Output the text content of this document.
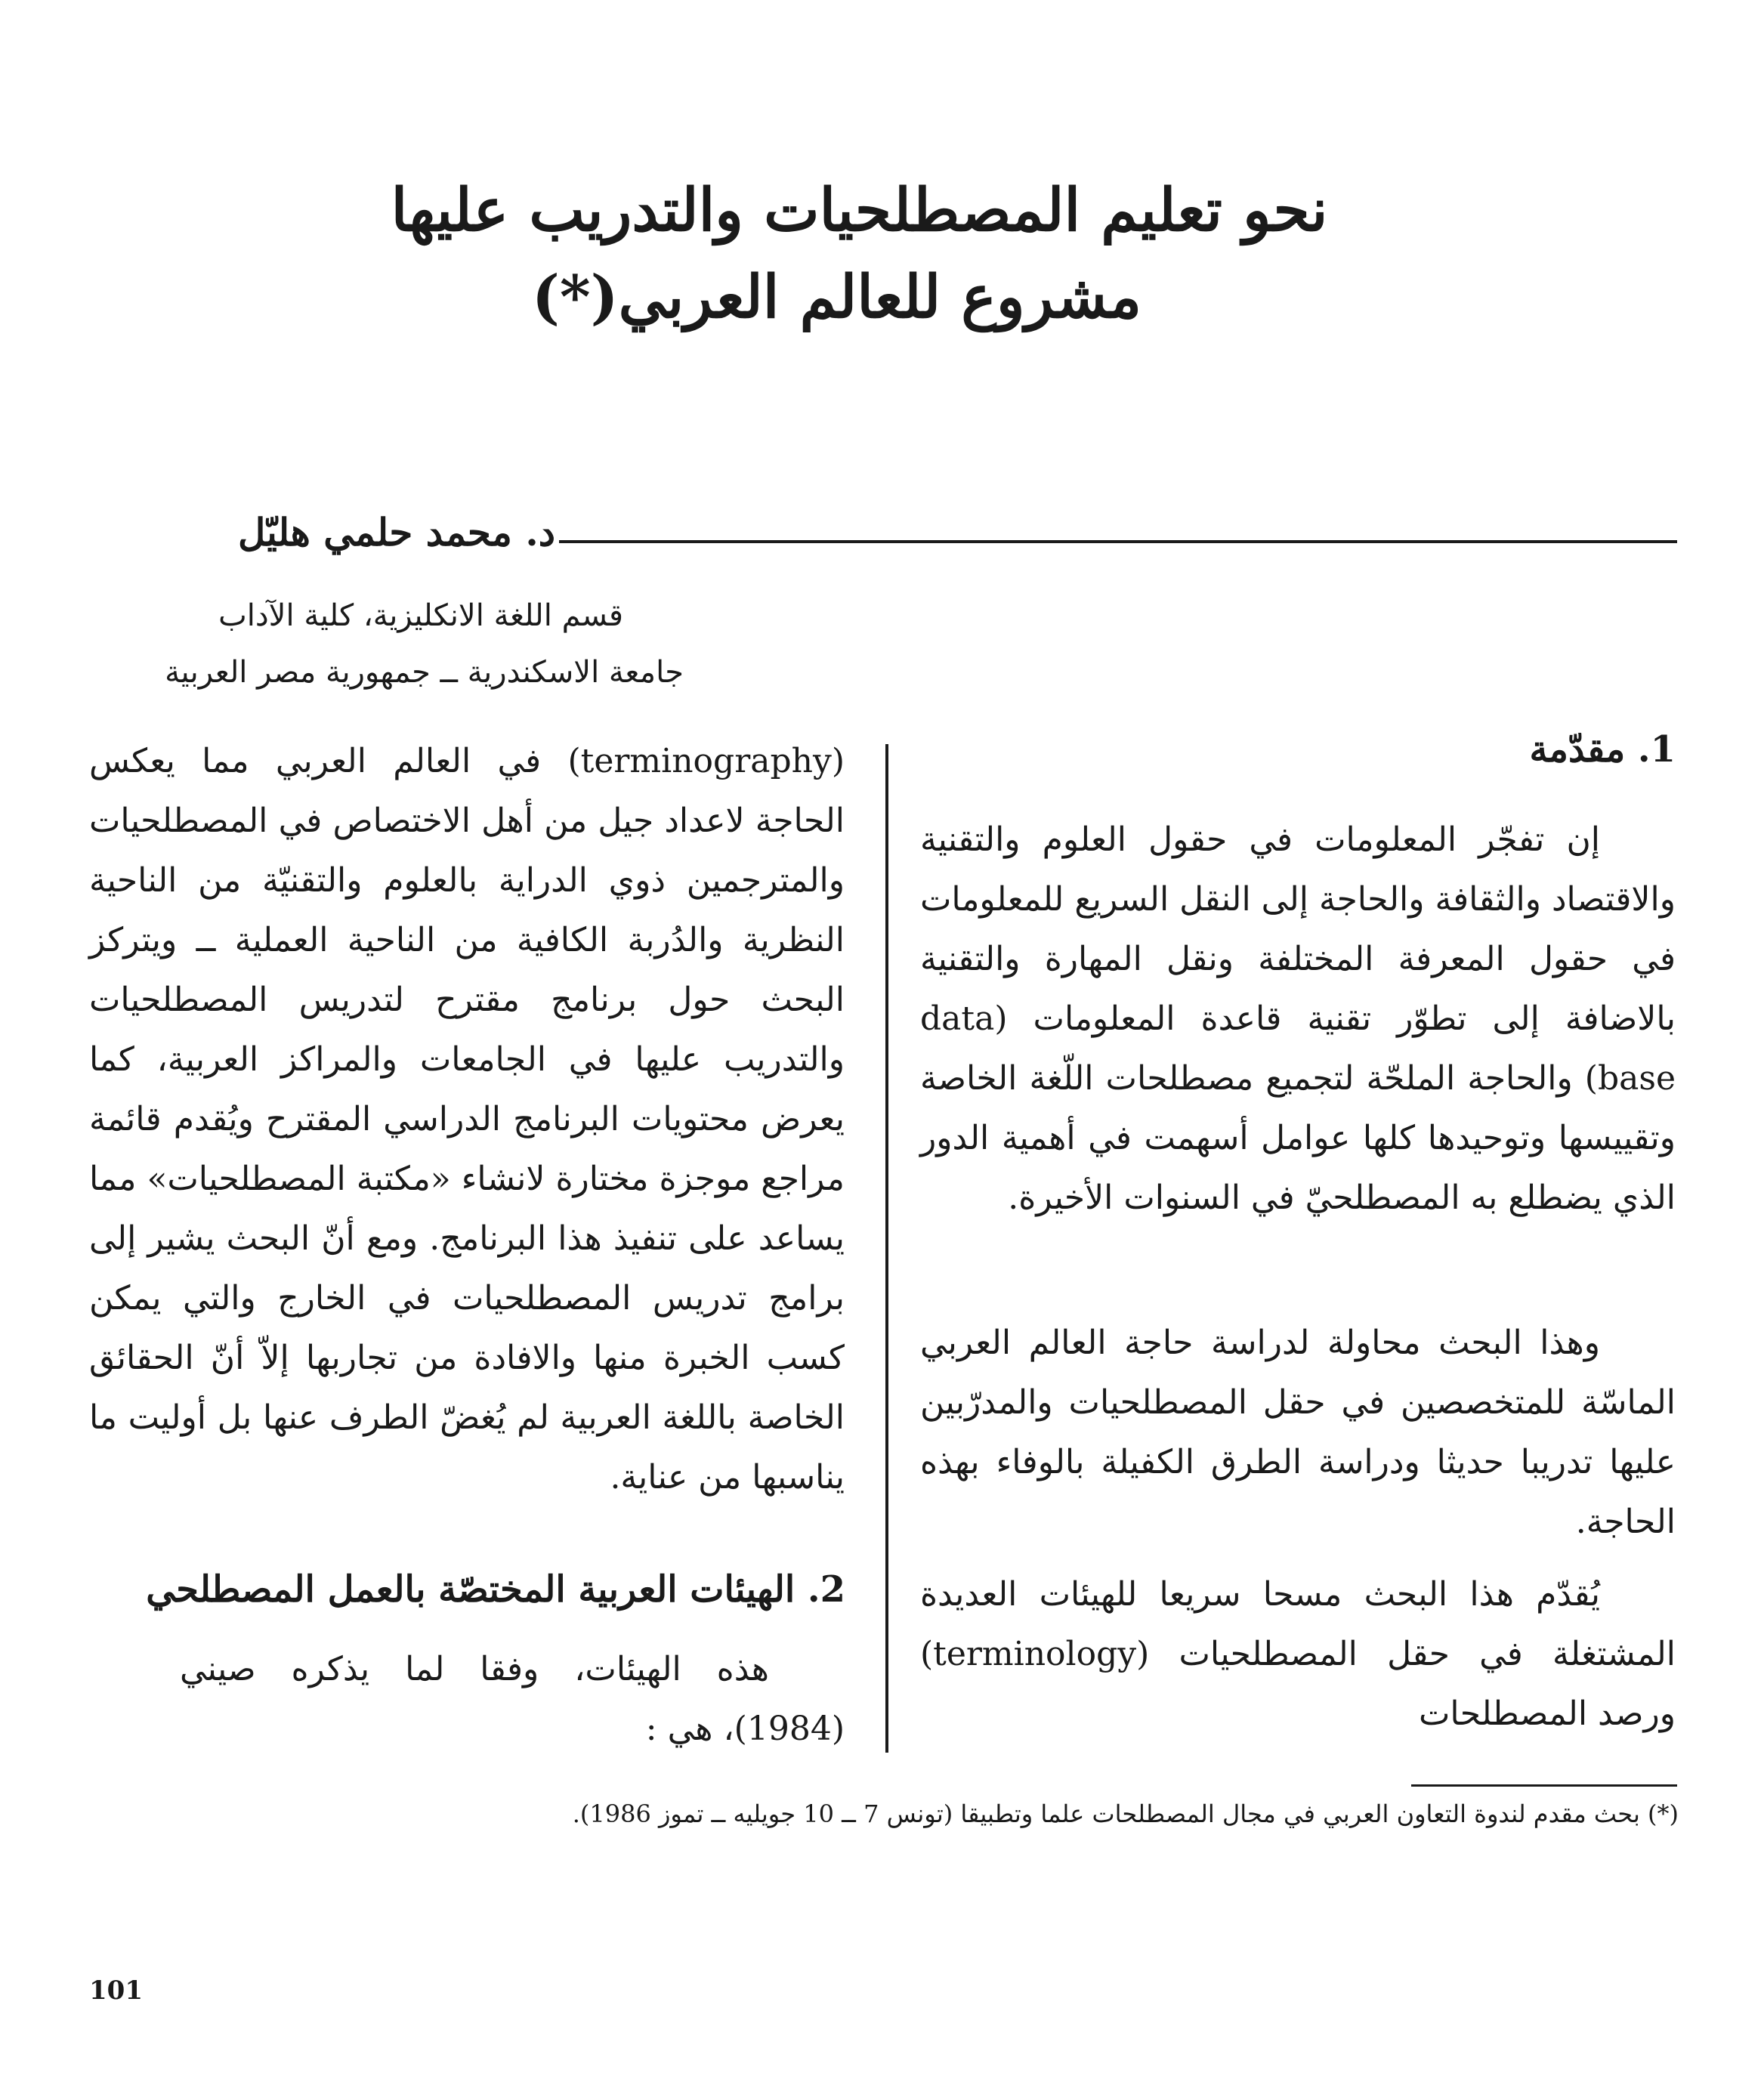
نحو تعليم المصطلحيات والتدريب عليها
مشروع للعالم العربي(*)
د. محمد حلمي هليّل
قسم اللغة الانكليزية، كلية الآداب
جامعة الاسكندرية ــ جمهورية مصر العربية
1. مقدّمة

إن تفجّر المعلومات في حقول العلوم والتقنية والاقتصاد والثقافة والحاجة إلى النقل السريع للمعلومات في حقول المعرفة المختلفة ونقل المهارة والتقنية بالاضافة إلى تطوّر تقنية قاعدة المعلومات (data base) والحاجة الملحّة لتجميع مصطلحات اللّغة الخاصة وتقييسها وتوحيدها كلها عوامل أسهمت في أهمية الدور الذي يضطلع به المصطلحيّ في السنوات الأخيرة.

وهذا البحث محاولة لدراسة حاجة العالم العربي الماسّة للمتخصصين في حقل المصطلحيات والمدرّبين عليها تدريبا حديثا ودراسة الطرق الكفيلة بالوفاء بهذه الحاجة.

يُقدّم هذا البحث مسحا سريعا للهيئات العديدة المشتغلة في حقل المصطلحيات (terminology) ورصد المصطلحات

(terminography) في العالم العربي مما يعكس الحاجة لاعداد جيل من أهل الاختصاص في المصطلحيات والمترجمين ذوي الدراية بالعلوم والتقنيّة من الناحية النظرية والدُربة الكافية من الناحية العملية ــ ويتركز البحث حول برنامج مقترح لتدريس المصطلحيات والتدريب عليها في الجامعات والمراكز العربية، كما يعرض محتويات البرنامج الدراسي المقترح ويُقدم قائمة مراجع موجزة مختارة لانشاء «مكتبة المصطلحيات» مما يساعد على تنفيذ هذا البرنامج. ومع أنّ البحث يشير إلى برامج تدريس المصطلحيات في الخارج والتي يمكن كسب الخبرة منها والافادة من تجاربها إلاّ أنّ الحقائق الخاصة باللغة العربية لم يُغضّ الطرف عنها بل أوليت ما يناسبها من عناية.

2. الهيئات العربية المختصّة بالعمل المصطلحي

هذه الهيئات، وفقا لما يذكره صيني (1984)، هي :

(*) بحث مقدم لندوة التعاون العربي في مجال المصطلحات علما وتطبيقا (تونس 7 ــ 10 جويليه ــ تموز 1986).
101
